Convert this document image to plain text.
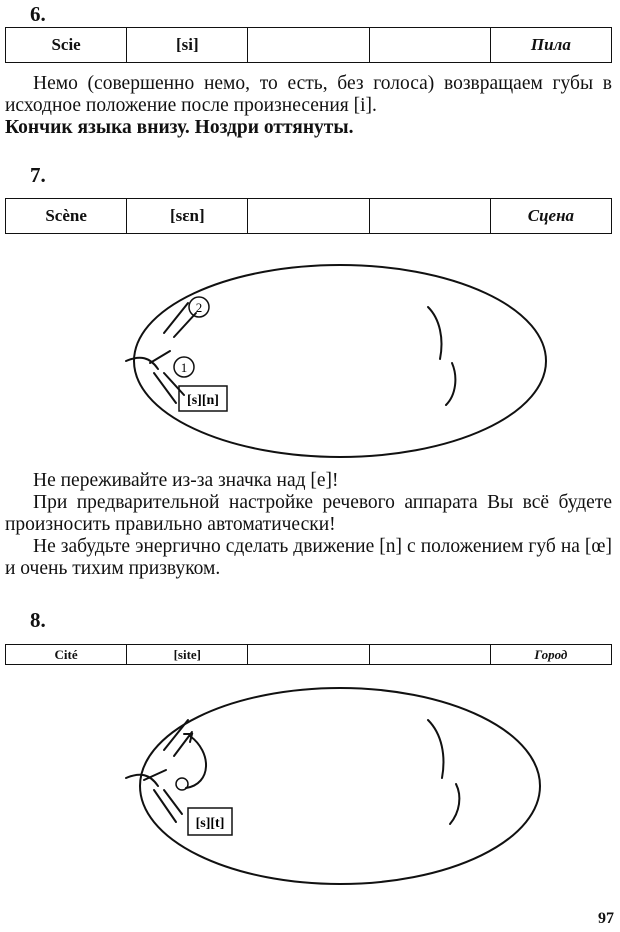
6.
Scie	[si]			Пила

Немо (совершенно немо, то есть, без голоса) возвращаем губы в исходное положение после произнесения [i].

Кончик языка внизу. Ноздри оттянуты.

7.
Scène	[sɛn]			Сцена
2
1
[s][n]

Не переживайте из-за значка над [e]!

При предварительной настройке речевого аппарата Вы всё будете произносить правильно автоматически!

Не забудьте энергично сделать движение [n] с положением губ на [œ] и очень тихим призвуком.

8.
Cité	[site]			Город
[s][t]
97
